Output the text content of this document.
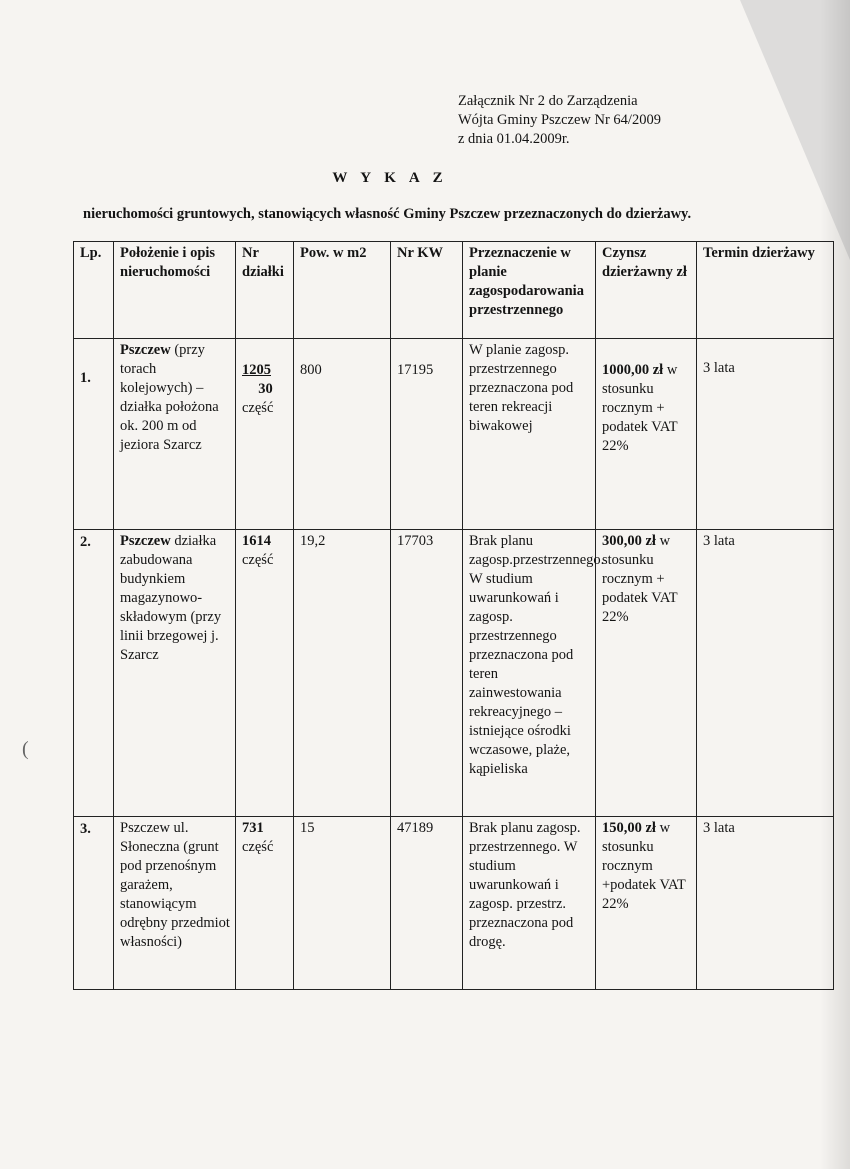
(
Załącznik Nr 2 do Zarządzenia
Wójta Gminy Pszczew Nr 64/2009
z dnia 01.04.2009r.
W Y K A Z
nieruchomości gruntowych, stanowiących własność Gminy Pszczew przeznaczonych do dzierżawy.
Lp.	Położenie i opis nieruchomości	Nr działki	Pow. w m2	Nr KW	Przeznaczenie w planie zagospodarowania przestrzennego	Czynsz dzierżawny zł	Termin dzierżawy
1.	Pszczew (przy torach kolejowych) – działka położona ok. 200 m od jeziora Szarcz	1205
30
część	800	17195	W planie zagosp. przestrzennego przeznaczona pod teren rekreacji biwakowej	1000,00 zł w stosunku rocznym + podatek VAT 22%	3 lata
2.	Pszczew działka zabudowana budynkiem magazynowo-składowym (przy linii brzegowej j. Szarcz	1614
część	19,2	17703	Brak planu zagosp.przestrzennego. W studium uwarunkowań i zagosp. przestrzennego przeznaczona pod teren zainwestowania rekreacyjnego – istniejące ośrodki wczasowe, plaże, kąpieliska	300,00 zł w stosunku rocznym + podatek VAT 22%	3 lata
3.	Pszczew ul. Słoneczna (grunt pod przenośnym garażem, stanowiącym odrębny przedmiot własności)	731
część	15	47189	Brak planu zagosp. przestrzennego. W studium uwarunkowań i zagosp. przestrz. przeznaczona pod drogę.	150,00 zł w stosunku rocznym +podatek VAT 22%	3 lata
